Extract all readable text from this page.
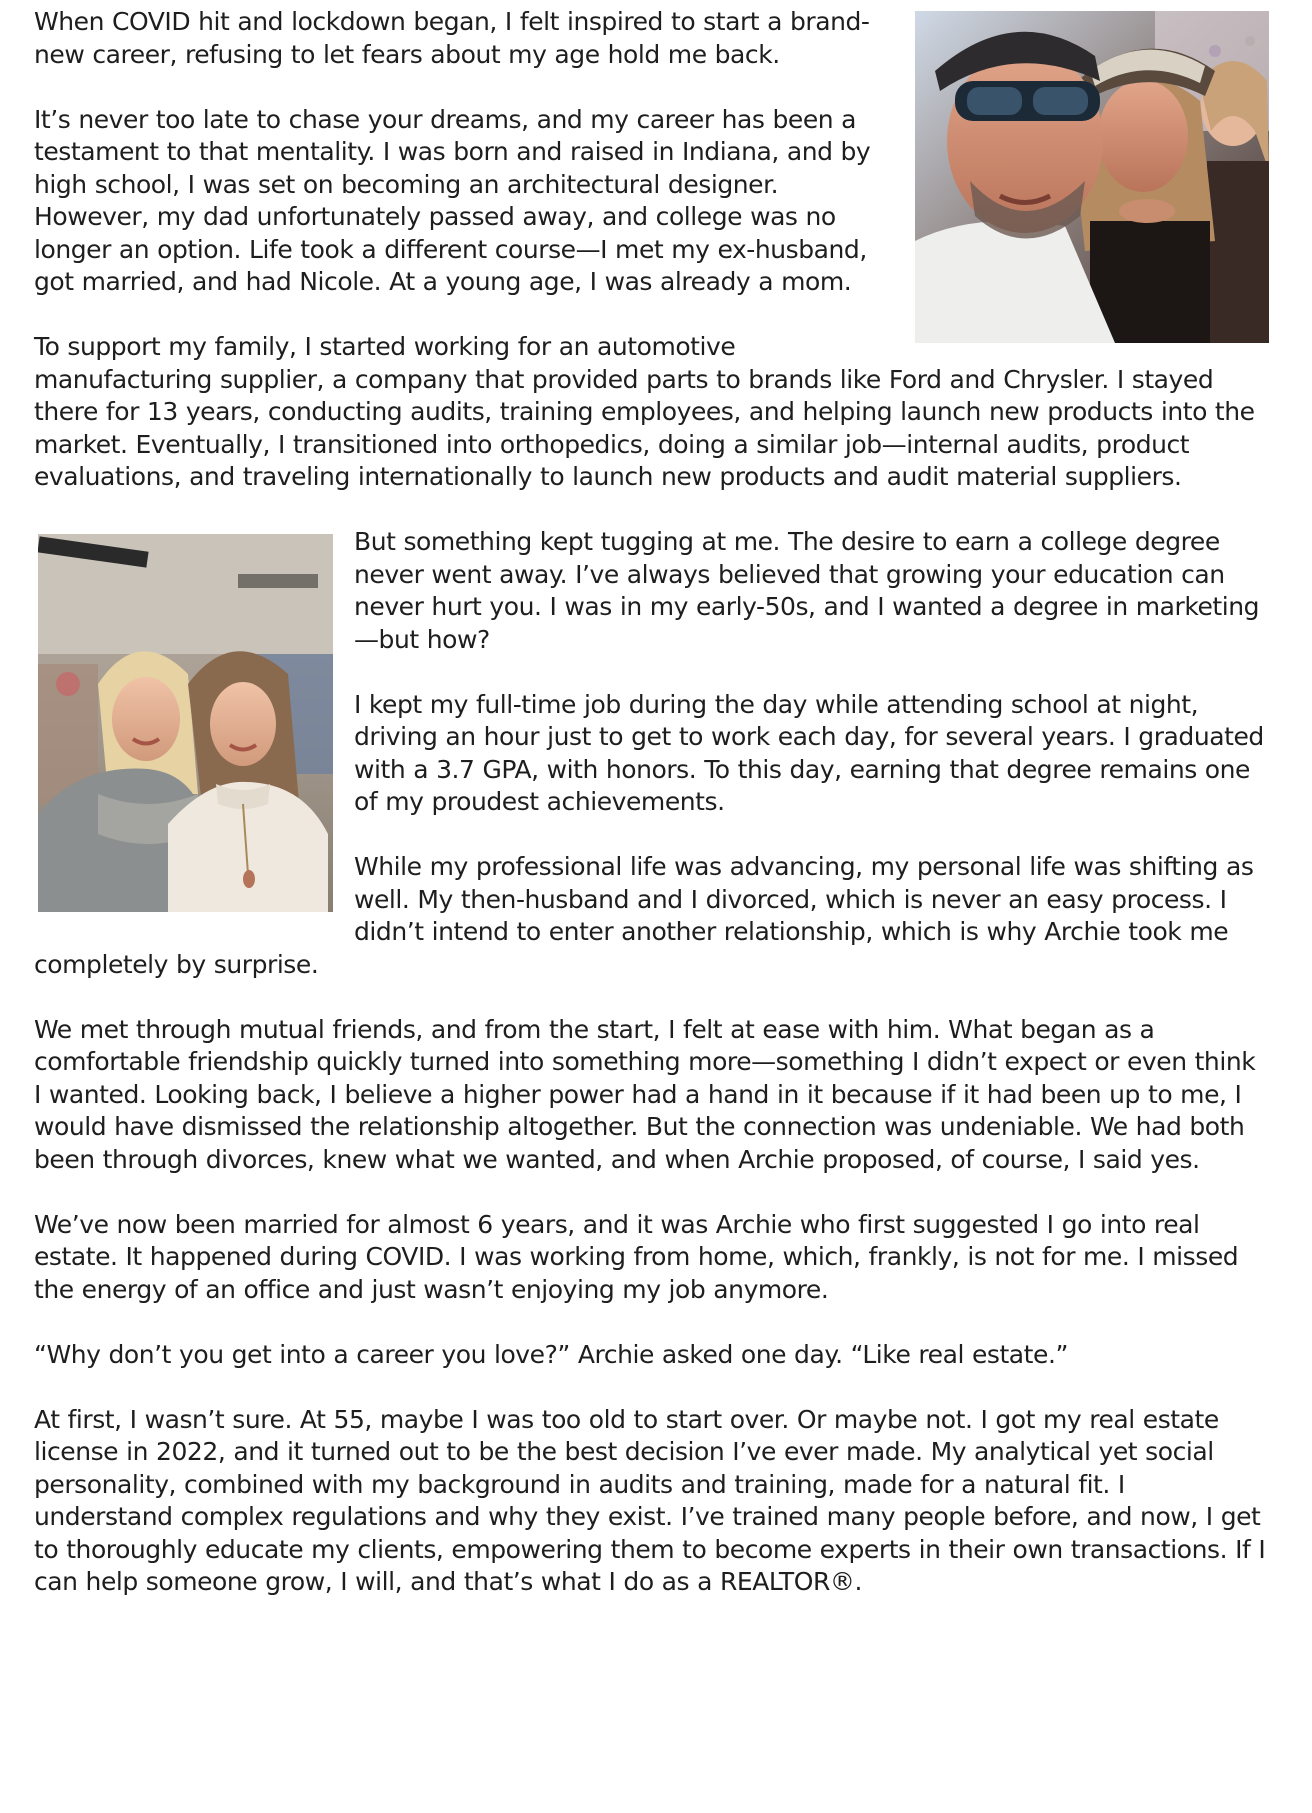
When COVID hit and lockdown began, I felt inspired to start a brand-new career, refusing to let fears about my age hold me back.

It’s never too late to chase your dreams, and my career has been a testament to that mentality. I was born and raised in Indiana, and by high school, I was set on becoming an architectural designer. However, my dad unfortunately passed away, and college was no longer an option. Life took a different course—I met my ex-husband, got married, and had Nicole. At a young age, I was already a mom.

To support my family, I started working for an automotive manufacturing supplier, a company that provided parts to brands like Ford and Chrysler. I stayed there for 13 years, conducting audits, training employees, and helping launch new products into the market. Eventually, I transitioned into orthopedics, doing a similar job—internal audits, product evaluations, and traveling internationally to launch new products and audit material suppliers.

But something kept tugging at me. The desire to earn a college degree never went away. I’ve always believed that growing your education can never hurt you. I was in my early-50s, and I wanted a degree in marketing—but how?

I kept my full-time job during the day while attending school at night, driving an hour just to get to work each day, for several years. I graduated with a 3.7 GPA, with honors. To this day, earning that degree remains one of my proudest achievements.

While my professional life was advancing, my personal life was shifting as well. My then-husband and I divorced, which is never an easy process. I didn’t intend to enter another relationship, which is why Archie took me completely by surprise.

We met through mutual friends, and from the start, I felt at ease with him. What began as a comfortable friendship quickly turned into something more—something I didn’t expect or even think I wanted. Looking back, I believe a higher power had a hand in it because if it had been up to me, I would have dismissed the relationship altogether. But the connection was undeniable. We had both been through divorces, knew what we wanted, and when Archie proposed, of course, I said yes.

We’ve now been married for almost 6 years, and it was Archie who first suggested I go into real estate. It happened during COVID. I was working from home, which, frankly, is not for me. I missed the energy of an office and just wasn’t enjoying my job anymore.

“Why don’t you get into a career you love?” Archie asked one day. “Like real estate.”

At first, I wasn’t sure. At 55, maybe I was too old to start over. Or maybe not. I got my real estate license in 2022, and it turned out to be the best decision I’ve ever made. My analytical yet social personality, combined with my background in audits and training, made for a natural fit. I understand complex regulations and why they exist. I’ve trained many people before, and now, I get to thoroughly educate my clients, empowering them to become experts in their own transactions. If I can help someone grow, I will, and that’s what I do as a REALTOR®.
